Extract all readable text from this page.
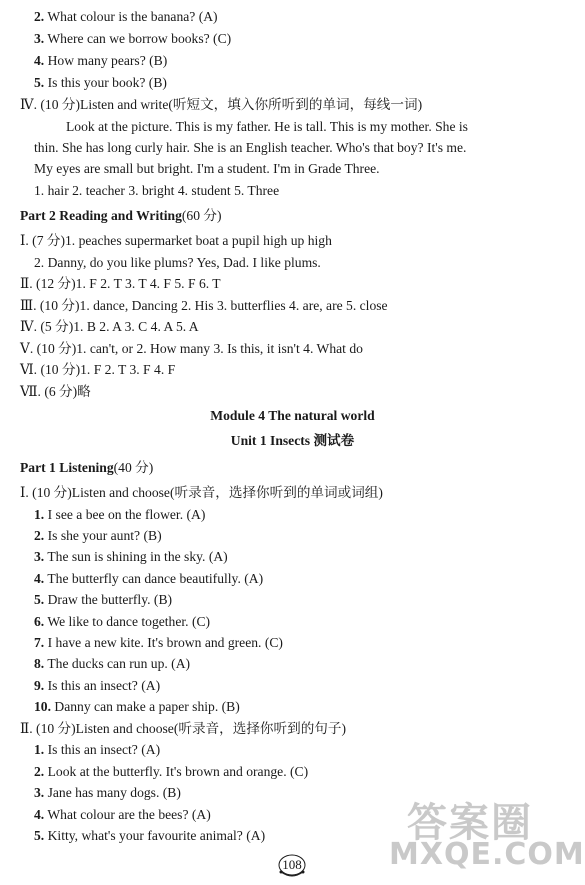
2. What colour is the banana? (A)
3. Where can we borrow books? (C)
4. How many pears? (B)
5. Is this your book? (B)
Ⅳ. (10 分)Listen and write(听短文，填入你所听到的单词，每线一词)
Look at the picture. This is my father. He is tall. This is my mother. She is
thin. She has long curly hair. She is an English teacher. Who's that boy? It's me.
My eyes are small but bright. I'm a student. I'm in Grade Three.
1. hair 2. teacher 3. bright 4. student 5. Three
Part 2 Reading and Writing(60 分)
Ⅰ. (7 分)1. peaches supermarket boat a pupil high up high
2. Danny, do you like plums? Yes, Dad. I like plums.
Ⅱ. (12 分)1. F 2. T 3. T 4. F 5. F 6. T
Ⅲ. (10 分)1. dance, Dancing 2. His 3. butterflies 4. are, are 5. close
Ⅳ. (5 分)1. B 2. A 3. C 4. A 5. A
Ⅴ. (10 分)1. can't, or 2. How many 3. Is this, it isn't 4. What do
Ⅵ. (10 分)1. F 2. T 3. F 4. F
Ⅶ. (6 分)略
Module 4 The natural world
Unit 1 Insects 测试卷
Part 1 Listening(40 分)
Ⅰ. (10 分)Listen and choose(听录音，选择你听到的单词或词组)
1. I see a bee on the flower. (A)
2. Is she your aunt? (B)
3. The sun is shining in the sky. (A)
4. The butterfly can dance beautifully. (A)
5. Draw the butterfly. (B)
6. We like to dance together. (C)
7. I have a new kite. It's brown and green. (C)
8. The ducks can run up. (A)
9. Is this an insect? (A)
10. Danny can make a paper ship. (B)
Ⅱ. (10 分)Listen and choose(听录音，选择你听到的句子)
1. Is this an insect? (A)
2. Look at the butterfly. It's brown and orange. (C)
3. Jane has many dogs. (B)
4. What colour are the bees? (A)
5. Kitty, what's your favourite animal? (A)	答案圈
MXQE.COM
108
